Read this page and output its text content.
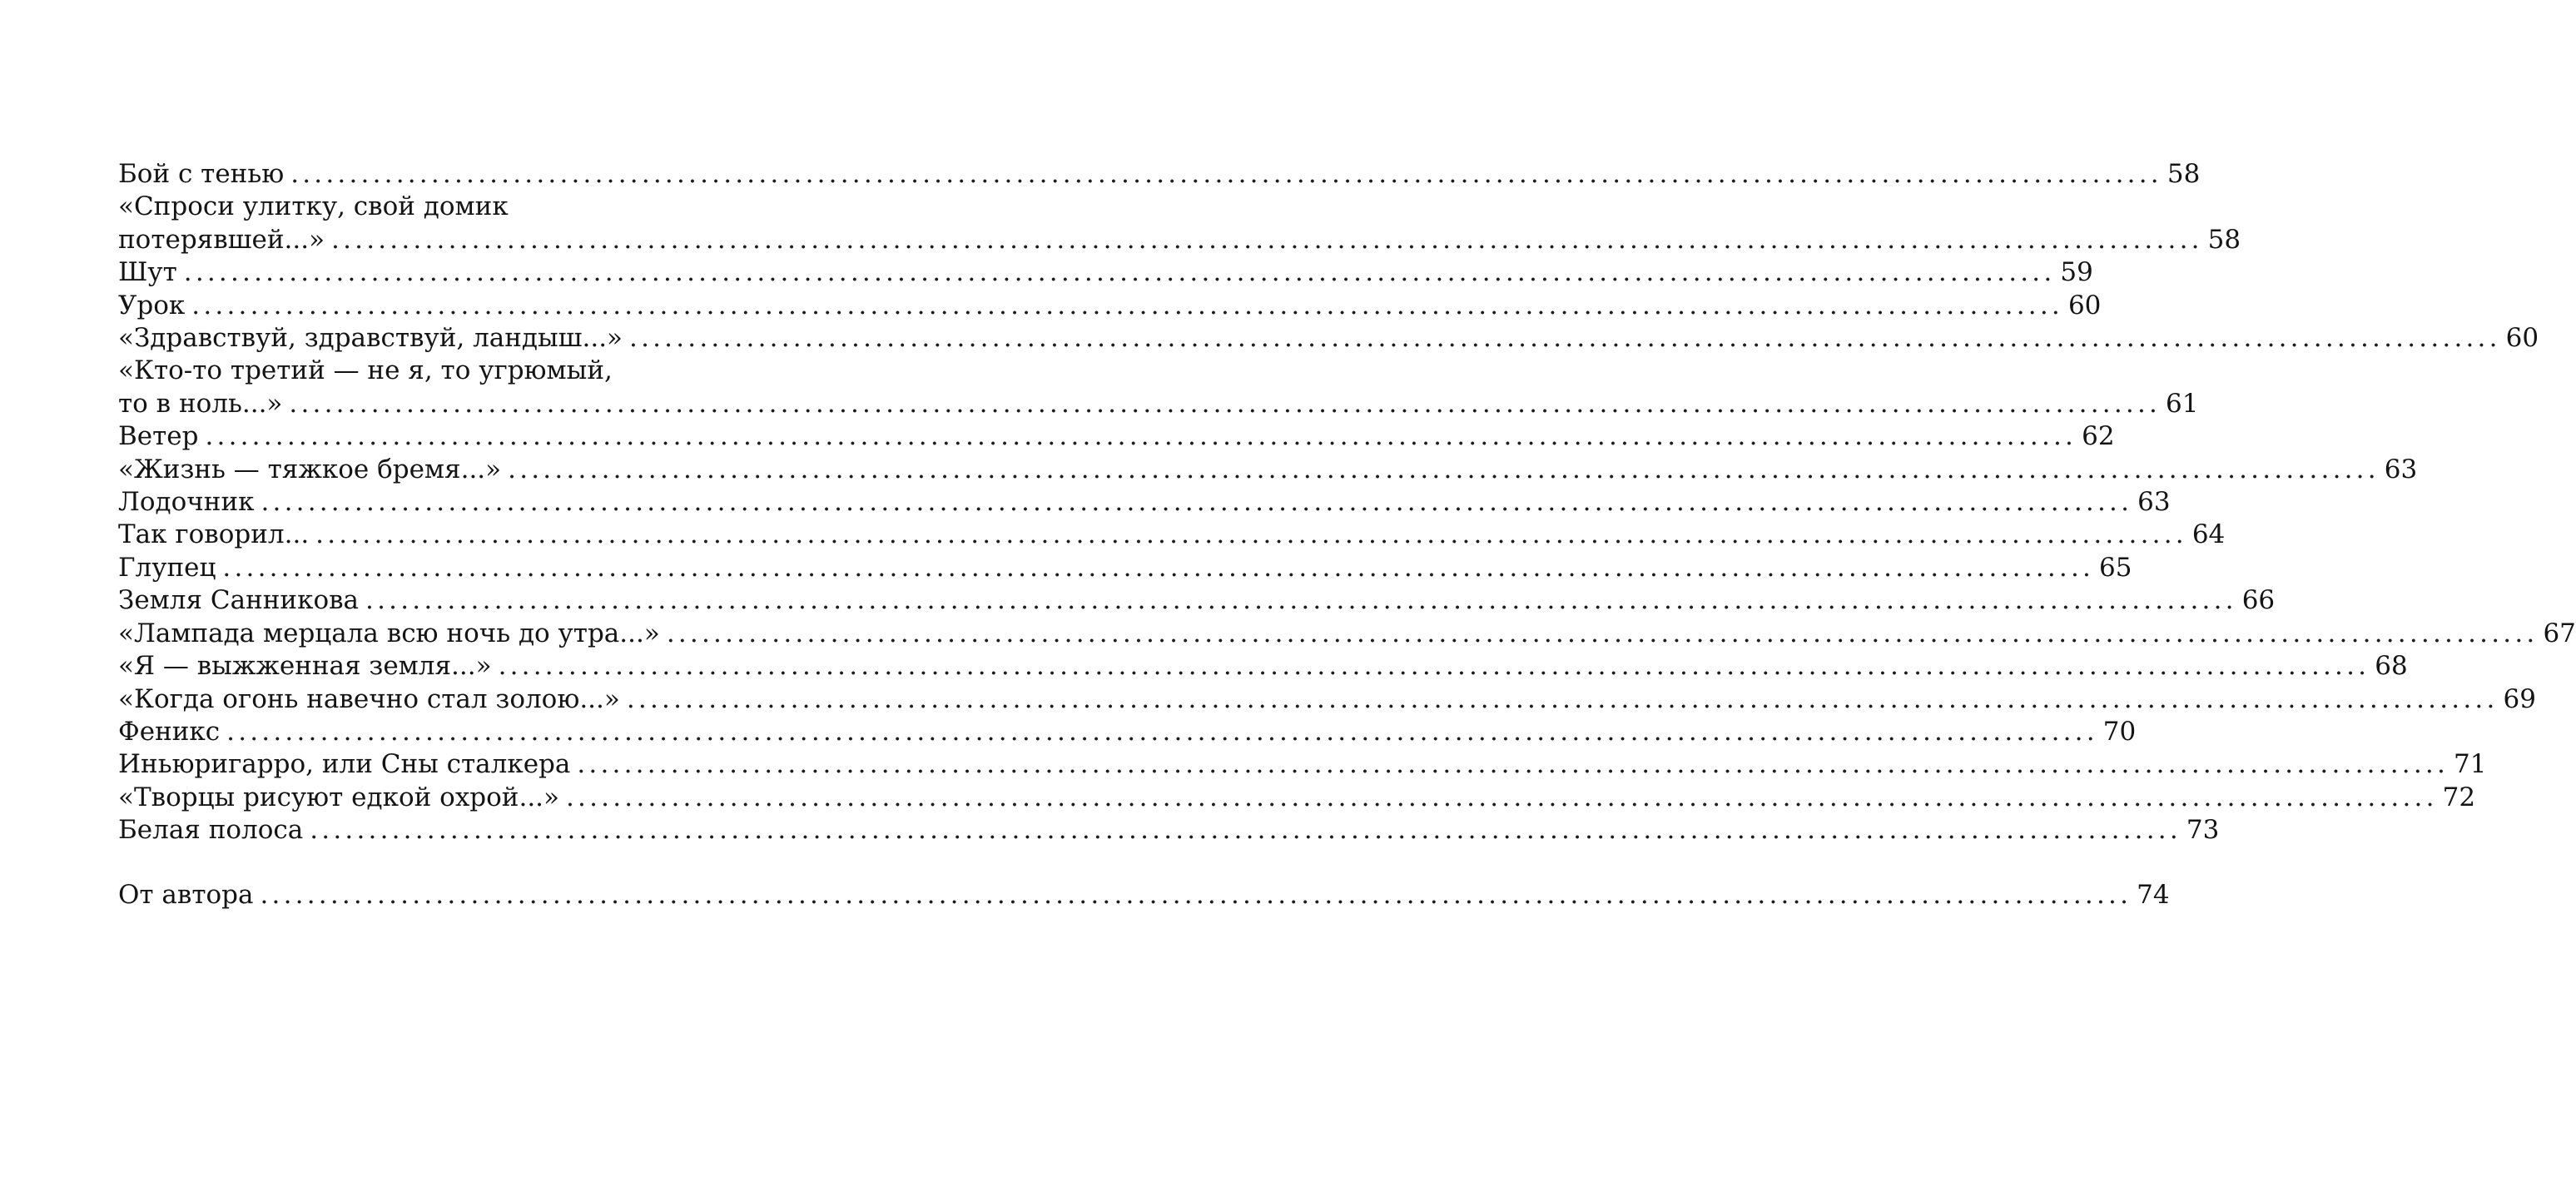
Бой с тенью ................................................................................................................................................................ 58
«Спроси улитку, свой домик
потерявшей...» ................................................................................................................................................................ 58
Шут ................................................................................................................................................................ 59
Урок ................................................................................................................................................................ 60
«Здравствуй, здравствуй, ландыш...» ................................................................................................................................................................ 60
«Кто-то третий — не я, то угрюмый,
то в ноль...» ................................................................................................................................................................ 61
Ветер ................................................................................................................................................................ 62
«Жизнь — тяжкое бремя...» ................................................................................................................................................................ 63
Лодочник ................................................................................................................................................................ 63
Так говорил... ................................................................................................................................................................ 64
Глупец ................................................................................................................................................................ 65
Земля Санникова ................................................................................................................................................................ 66
«Лампада мерцала всю ночь до утра...» ................................................................................................................................................................ 67
«Я — выжженная земля...» ................................................................................................................................................................ 68
«Когда огонь навечно стал золою...» ................................................................................................................................................................ 69
Феникс ................................................................................................................................................................ 70
Иньюригарро, или Сны сталкера ................................................................................................................................................................ 71
«Творцы рисуют едкой охрой...» ................................................................................................................................................................ 72
Белая полоса ................................................................................................................................................................ 73
От автора ................................................................................................................................................................ 74
